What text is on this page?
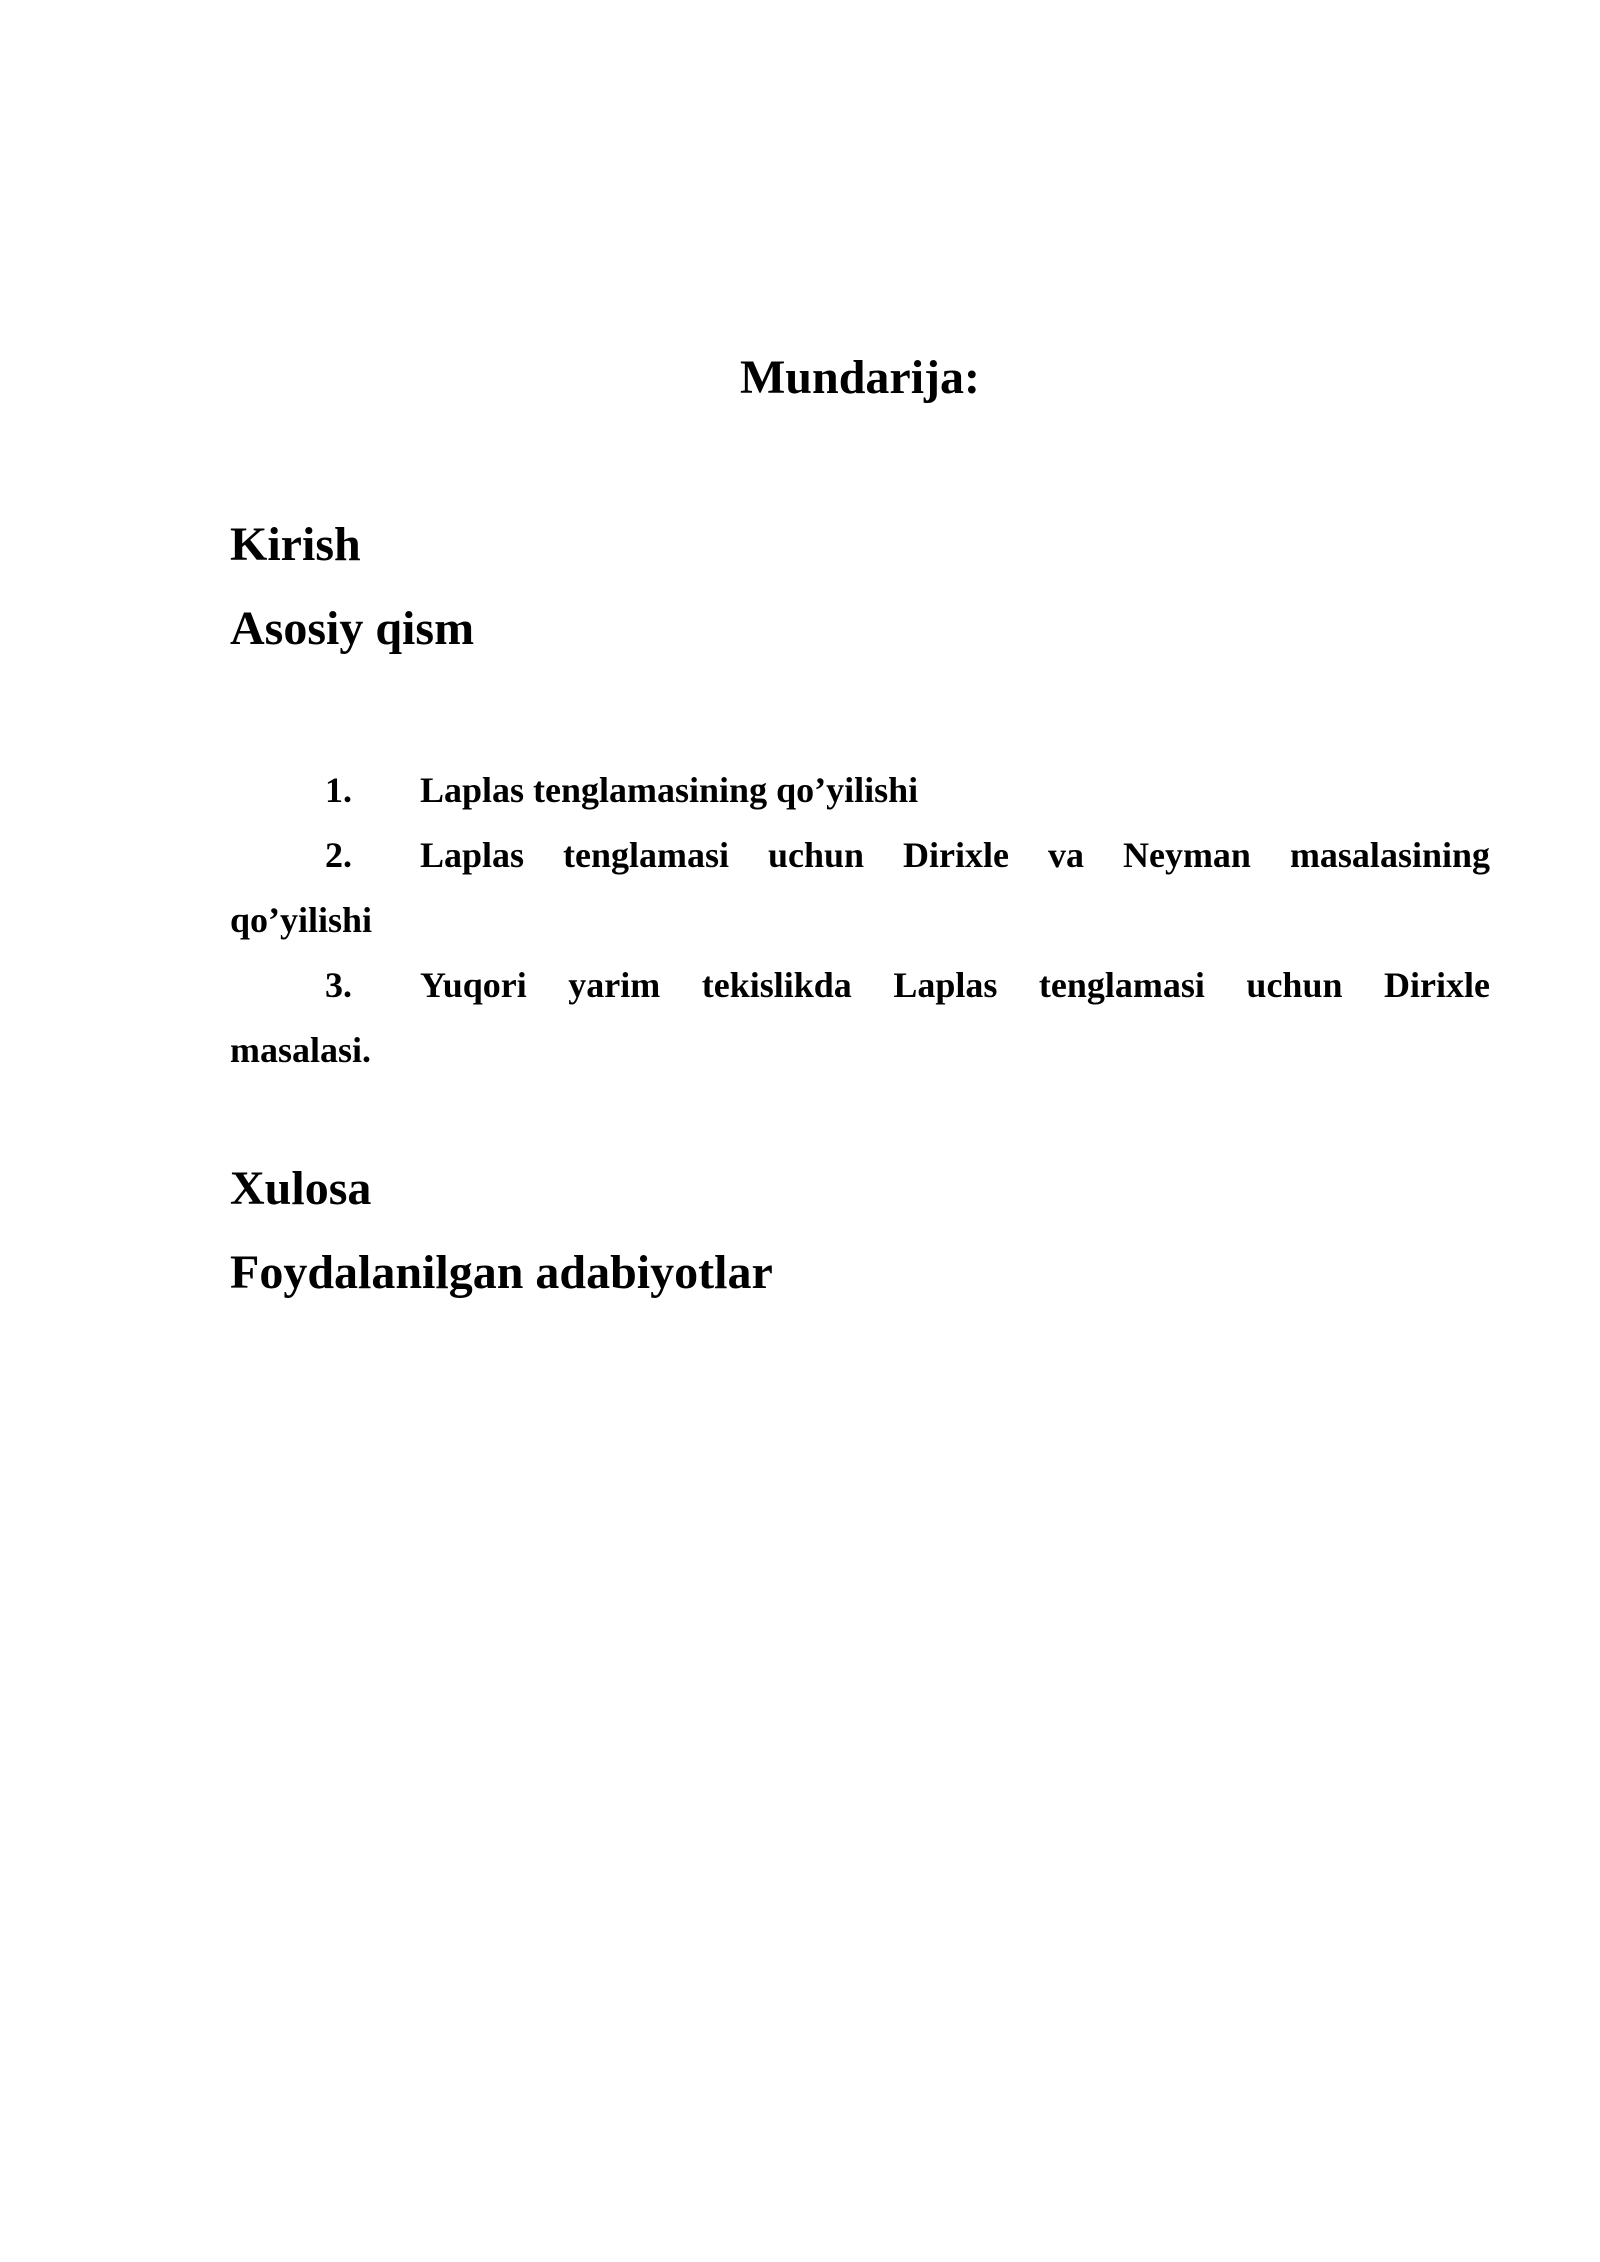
Mundarija:
Kirish
Asosiy qism

1. Laplas tenglamasining qo’yilishi

2. Laplas tenglamasi uchun Dirixle va Neyman masalasining
qo’yilishi
3. Yuqori yarim tekislikda Laplas tenglamasi uchun Dirixle
masalasi.
Xulosa
Foydalanilgan adabiyotlar
